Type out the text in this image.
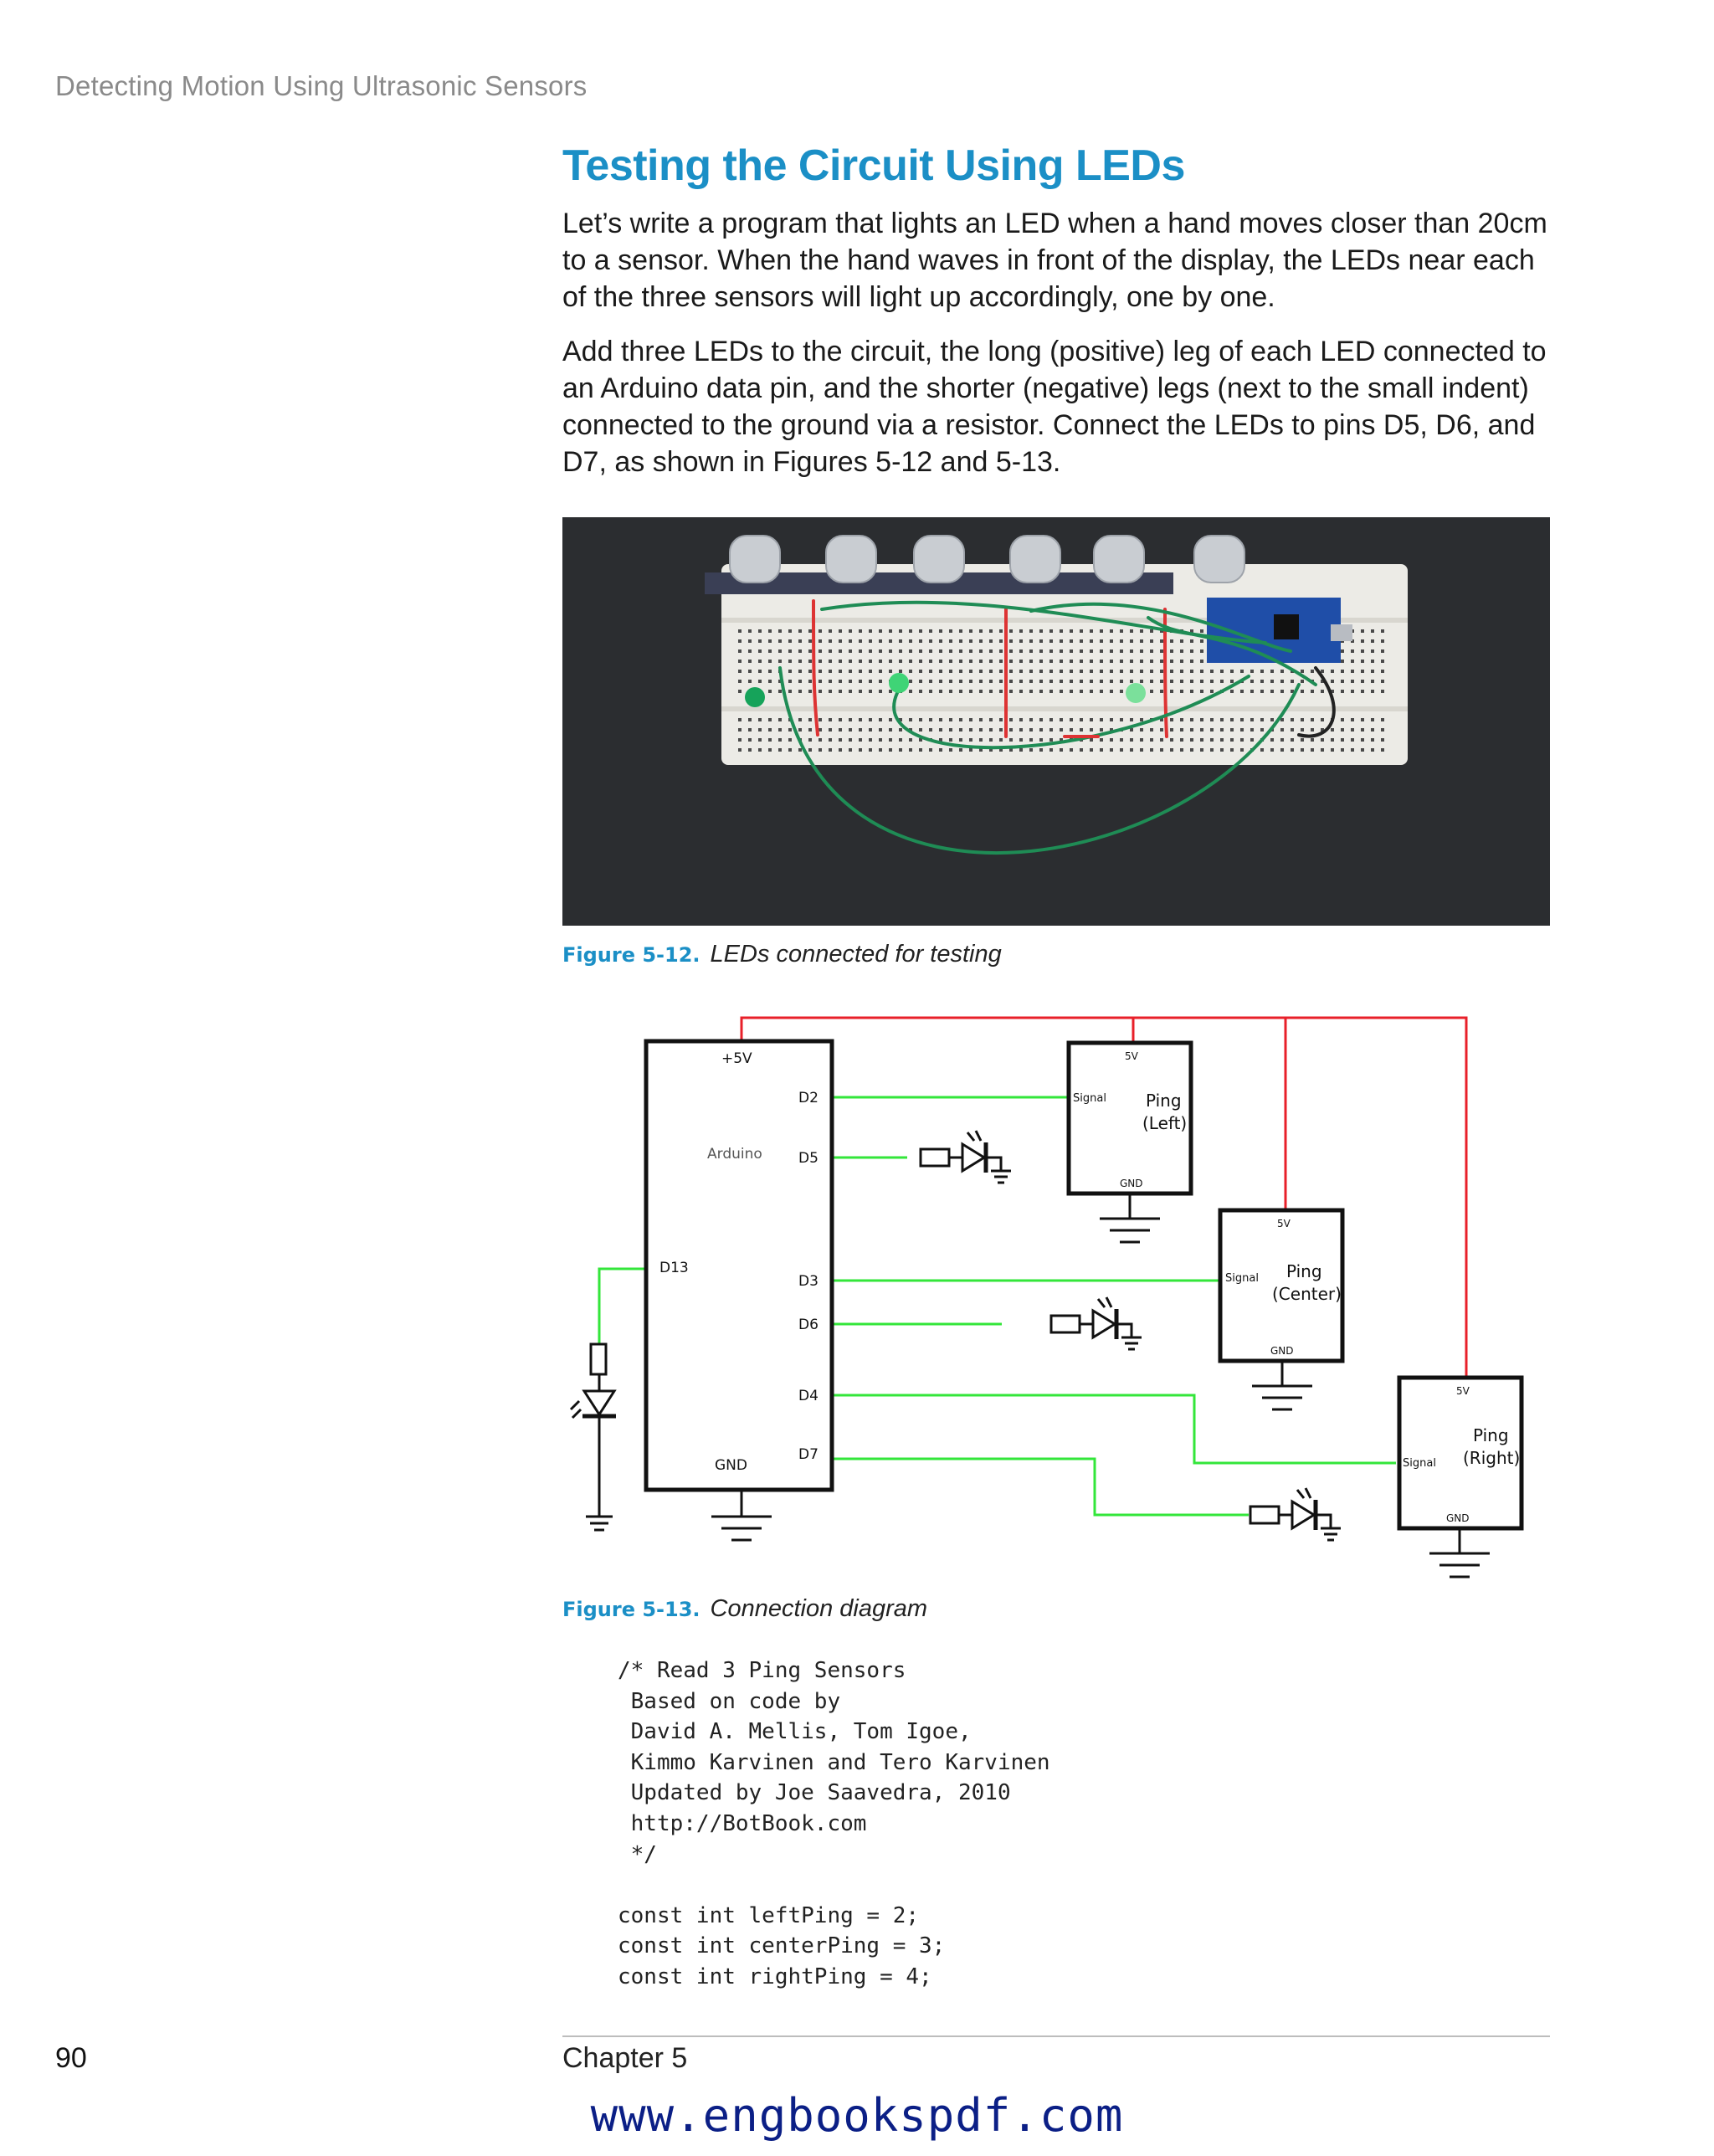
Detecting Motion Using Ultrasonic Sensors
Testing the Circuit Using LEDs

Let’s write a program that lights an LED when a hand moves closer than 20cm to a sensor. When the hand waves in front of the display, the LEDs near each of the three sensors will light up accordingly, one by one.

Add three LEDs to the circuit, the long (positive) leg of each LED connected to an Arduino data pin, and the shorter (negative) legs (next to the small indent) connected to the ground via a resistor. Connect the LEDs to pins D5, D6, and D7, as shown in Figures 5-12 and 5-13.

Figure 5-12. LEDs connected for testing
+5V
D2
Arduino	D5
D13
D3
D6
D4
D7
GND
5V
Signal Ping
(Left)
GND
5V
Signal Ping
(Center)
GND
5V
Signal
Ping
(Right)
GND
Figure 5-13. Connection diagram
/* Read 3 Ping Sensors
Based on code by
David A. Mellis, Tom Igoe,
Kimmo Karvinen and Tero Karvinen
Updated by Joe Saavedra, 2010
http://BotBook.com
*/

const int leftPing = 2;
const int centerPing = 3;
const int rightPing = 4;
90	Chapter 5
www.engbookspdf.com
